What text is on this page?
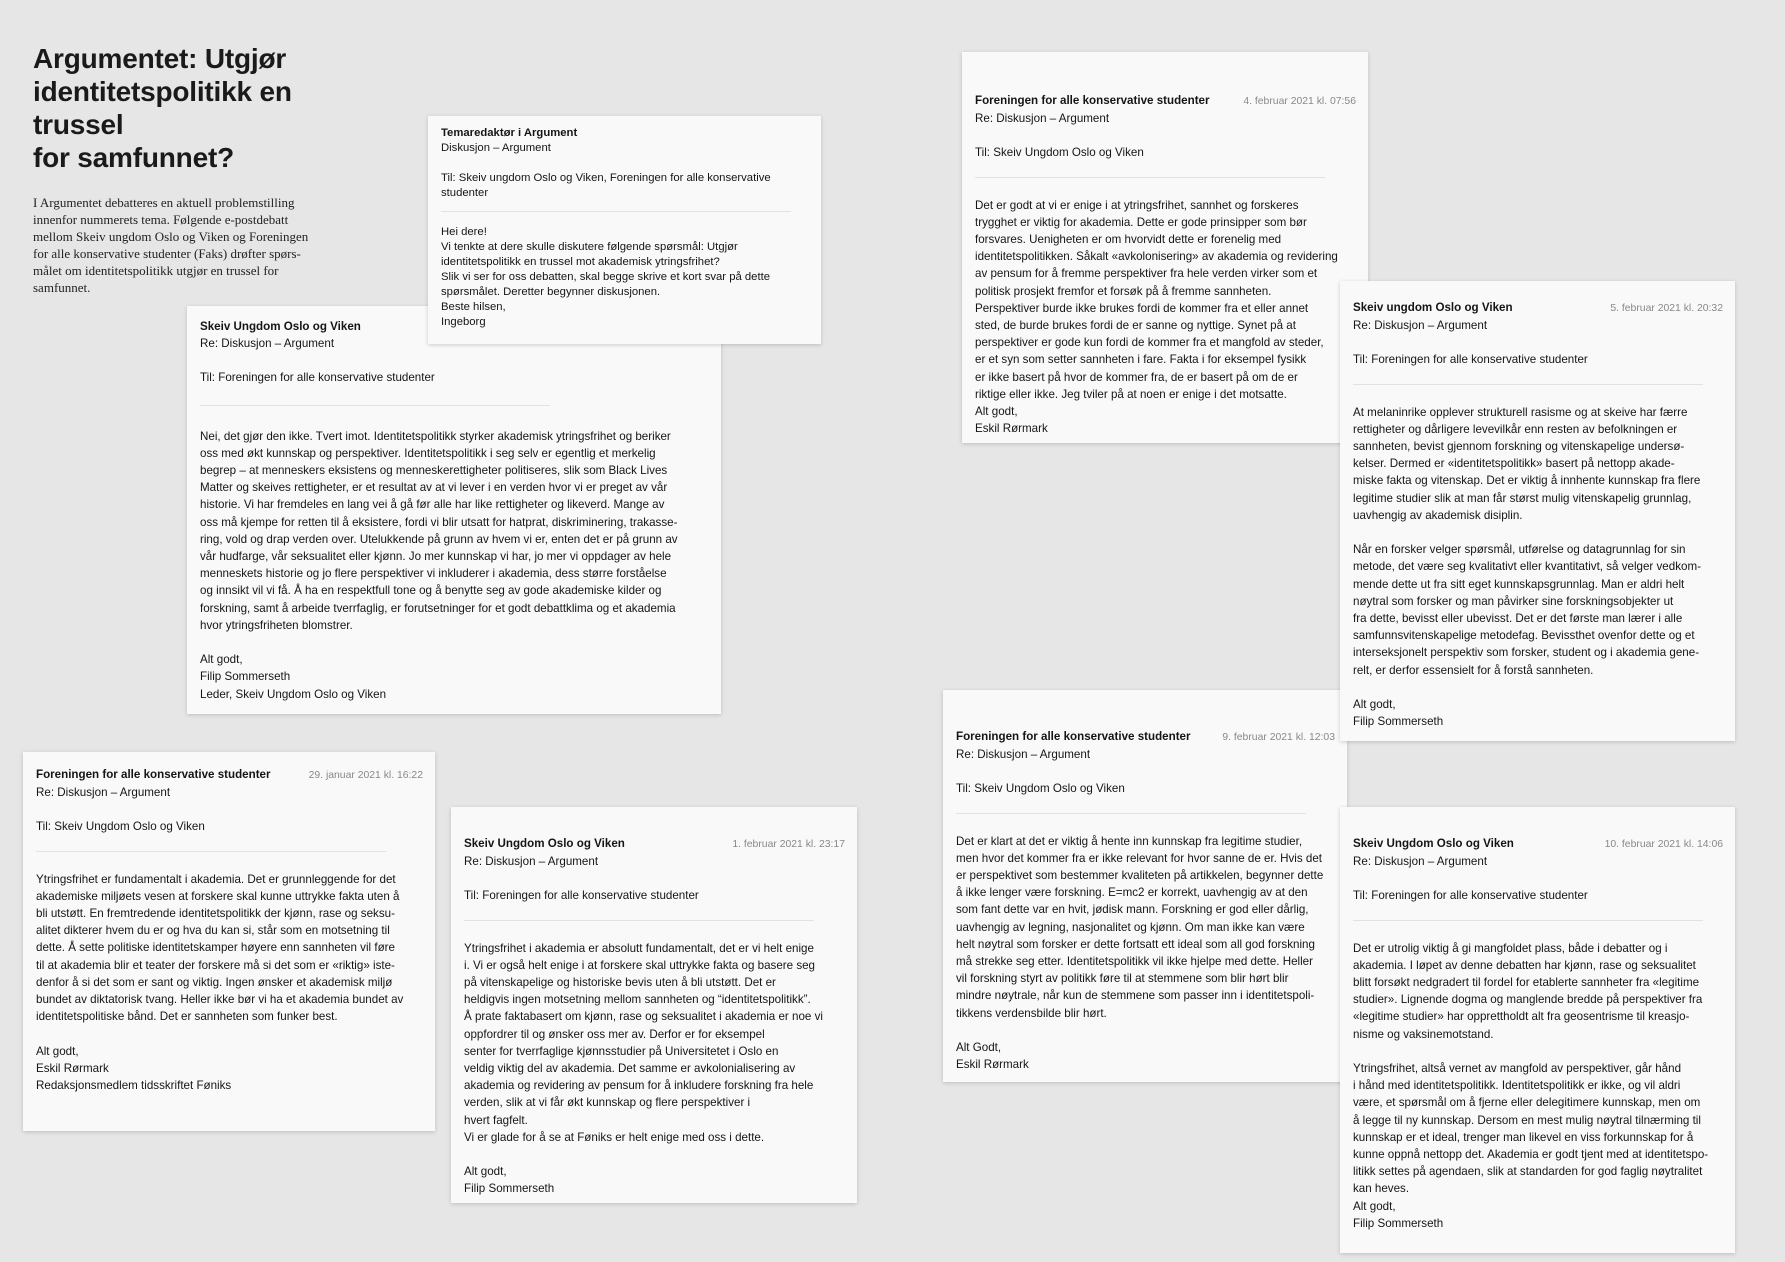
Argumentet: Utgjør
identitetspolitikk en trussel
for samfunnet?

I Argumentet debatteres en aktuell problemstilling
innenfor nummerets tema. Følgende e-postdebatt
mellom Skeiv ungdom Oslo og Viken og Foreningen
for alle konservative studenter (Faks) drøfter spørs-
målet om identitetspolitikk utgjør en trussel for
samfunnet.

Temaredaktør i Argument
Diskusjon – Argument
Til: Skeiv ungdom Oslo og Viken, Foreningen for alle konservative
studenter
Hei dere!
Vi tenkte at dere skulle diskutere følgende spørsmål: Utgjør
identitetspolitikk en trussel mot akademisk ytringsfrihet?
Slik vi ser for oss debatten, skal begge skrive et kort svar på dette
spørsmålet. Deretter begynner diskusjonen.
Beste hilsen,
Ingeborg
Skeiv Ungdom Oslo og Viken
Re: Diskusjon – Argument
Til: Foreningen for alle konservative studenter
Nei, det gjør den ikke. Tvert imot. Identitetspolitikk styrker akademisk ytringsfrihet og beriker
oss med økt kunnskap og perspektiver. Identitetspolitikk i seg selv er egentlig et merkelig
begrep – at menneskers eksistens og menneskerettigheter politiseres, slik som Black Lives
Matter og skeives rettigheter, er et resultat av at vi lever i en verden hvor vi er preget av vår
historie. Vi har fremdeles en lang vei å gå før alle har like rettigheter og likeverd. Mange av
oss må kjempe for retten til å eksistere, fordi vi blir utsatt for hatprat, diskriminering, trakasse-
ring, vold og drap verden over. Utelukkende på grunn av hvem vi er, enten det er på grunn av
vår hudfarge, vår seksualitet eller kjønn. Jo mer kunnskap vi har, jo mer vi oppdager av hele
menneskets historie og jo flere perspektiver vi inkluderer i akademia, dess større forståelse
og innsikt vil vi få. Å ha en respektfull tone og å benytte seg av gode akademiske kilder og
forskning, samt å arbeide tverrfaglig, er forutsetninger for et godt debattklima og et akademia
hvor ytringsfriheten blomstrer.

Alt godt,
Filip Sommerseth
Leder, Skeiv Ungdom Oslo og Viken
Foreningen for alle konservative studenter	4. februar 2021 kl. 07:56
Re: Diskusjon – Argument
Til: Skeiv Ungdom Oslo og Viken
Det er godt at vi er enige i at ytringsfrihet, sannhet og forskeres
trygghet er viktig for akademia. Dette er gode prinsipper som bør
forsvares. Uenigheten er om hvorvidt dette er forenelig med
identitetspolitikken. Såkalt «avkolonisering» av akademia og revidering
av pensum for å fremme perspektiver fra hele verden virker som et
politisk prosjekt fremfor et forsøk på å fremme sannheten.
Perspektiver burde ikke brukes fordi de kommer fra et eller annet
sted, de burde brukes fordi de er sanne og nyttige. Synet på at
perspektiver er gode kun fordi de kommer fra et mangfold av steder,
er et syn som setter sannheten i fare. Fakta i for eksempel fysikk
er ikke basert på hvor de kommer fra, de er basert på om de er
riktige eller ikke. Jeg tviler på at noen er enige i det motsatte.
Alt godt,
Eskil Rørmark
Skeiv ungdom Oslo og Viken	5. februar 2021 kl. 20:32
Re: Diskusjon – Argument
Til: Foreningen for alle konservative studenter
At melaninrike opplever strukturell rasisme og at skeive har færre
rettigheter og dårligere levevilkår enn resten av befolkningen er
sannheten, bevist gjennom forskning og vitenskapelige undersø-
kelser. Dermed er «identitetspolitikk» basert på nettopp akade-
miske fakta og vitenskap. Det er viktig å innhente kunnskap fra flere
legitime studier slik at man får størst mulig vitenskapelig grunnlag,
uavhengig av akademisk disiplin.

Når en forsker velger spørsmål, utførelse og datagrunnlag for sin
metode, det være seg kvalitativt eller kvantitativt, så velger vedkom-
mende dette ut fra sitt eget kunnskapsgrunnlag. Man er aldri helt
nøytral som forsker og man påvirker sine forskningsobjekter ut
fra dette, bevisst eller ubevisst. Det er det første man lærer i alle
samfunnsvitenskapelige metodefag. Bevissthet ovenfor dette og et
interseksjonelt perspektiv som forsker, student og i akademia gene-
relt, er derfor essensielt for å forstå sannheten.

Alt godt,
Filip Sommerseth
Foreningen for alle konservative studenter	29. januar 2021 kl. 16:22
Re: Diskusjon – Argument
Til: Skeiv Ungdom Oslo og Viken
Ytringsfrihet er fundamentalt i akademia. Det er grunnleggende for det
akademiske miljøets vesen at forskere skal kunne uttrykke fakta uten å
bli utstøtt. En fremtredende identitetspolitikk der kjønn, rase og seksu-
alitet dikterer hvem du er og hva du kan si, står som en motsetning til
dette. Å sette politiske identitetskamper høyere enn sannheten vil føre
til at akademia blir et teater der forskere må si det som er «riktig» iste-
denfor å si det som er sant og viktig. Ingen ønsker et akademisk miljø
bundet av diktatorisk tvang. Heller ikke bør vi ha et akademia bundet av
identitetspolitiske bånd. Det er sannheten som funker best.

Alt godt,
Eskil Rørmark
Redaksjonsmedlem tidsskriftet Føniks
Skeiv Ungdom Oslo og Viken	1. februar 2021 kl. 23:17
Re: Diskusjon – Argument
Til: Foreningen for alle konservative studenter
Ytringsfrihet i akademia er absolutt fundamentalt, det er vi helt enige
i. Vi er også helt enige i at forskere skal uttrykke fakta og basere seg
på vitenskapelige og historiske bevis uten å bli utstøtt. Det er
heldigvis ingen motsetning mellom sannheten og “identitetspolitikk”.
Å prate faktabasert om kjønn, rase og seksualitet i akademia er noe vi
oppfordrer til og ønsker oss mer av. Derfor er for eksempel
senter for tverrfaglige kjønnsstudier på Universitetet i Oslo en
veldig viktig del av akademia. Det samme er avkolonialisering av
akademia og revidering av pensum for å inkludere forskning fra hele
verden, slik at vi får økt kunnskap og flere perspektiver i
hvert fagfelt.
Vi er glade for å se at Føniks er helt enige med oss i dette.

Alt godt,
Filip Sommerseth
Foreningen for alle konservative studenter	9. februar 2021 kl. 12:03
Re: Diskusjon – Argument
Til: Skeiv Ungdom Oslo og Viken
Det er klart at det er viktig å hente inn kunnskap fra legitime studier,
men hvor det kommer fra er ikke relevant for hvor sanne de er. Hvis det
er perspektivet som bestemmer kvaliteten på artikkelen, begynner dette
å ikke lenger være forskning. E=mc2 er korrekt, uavhengig av at den
som fant dette var en hvit, jødisk mann. Forskning er god eller dårlig,
uavhengig av legning, nasjonalitet og kjønn. Om man ikke kan være
helt nøytral som forsker er dette fortsatt ett ideal som all god forskning
må strekke seg etter. Identitetspolitikk vil ikke hjelpe med dette. Heller
vil forskning styrt av politikk føre til at stemmene som blir hørt blir
mindre nøytrale, når kun de stemmene som passer inn i identitetspoli-
tikkens verdensbilde blir hørt.

Alt Godt,
Eskil Rørmark
Skeiv Ungdom Oslo og Viken	10. februar 2021 kl. 14:06
Re: Diskusjon – Argument
Til: Foreningen for alle konservative studenter
Det er utrolig viktig å gi mangfoldet plass, både i debatter og i
akademia. I løpet av denne debatten har kjønn, rase og seksualitet
blitt forsøkt nedgradert til fordel for etablerte sannheter fra «legitime
studier». Lignende dogma og manglende bredde på perspektiver fra
«legitime studier» har opprettholdt alt fra geosentrisme til kreasjo-
nisme og vaksinemotstand.

Ytringsfrihet, altså vernet av mangfold av perspektiver, går hånd
i hånd med identitetspolitikk. Identitetspolitikk er ikke, og vil aldri
være, et spørsmål om å fjerne eller delegitimere kunnskap, men om
å legge til ny kunnskap. Dersom en mest mulig nøytral tilnærming til
kunnskap er et ideal, trenger man likevel en viss forkunnskap for å
kunne oppnå nettopp det. Akademia er godt tjent med at identitetspo-
litikk settes på agendaen, slik at standarden for god faglig nøytralitet
kan heves.
Alt godt,
Filip Sommerseth
